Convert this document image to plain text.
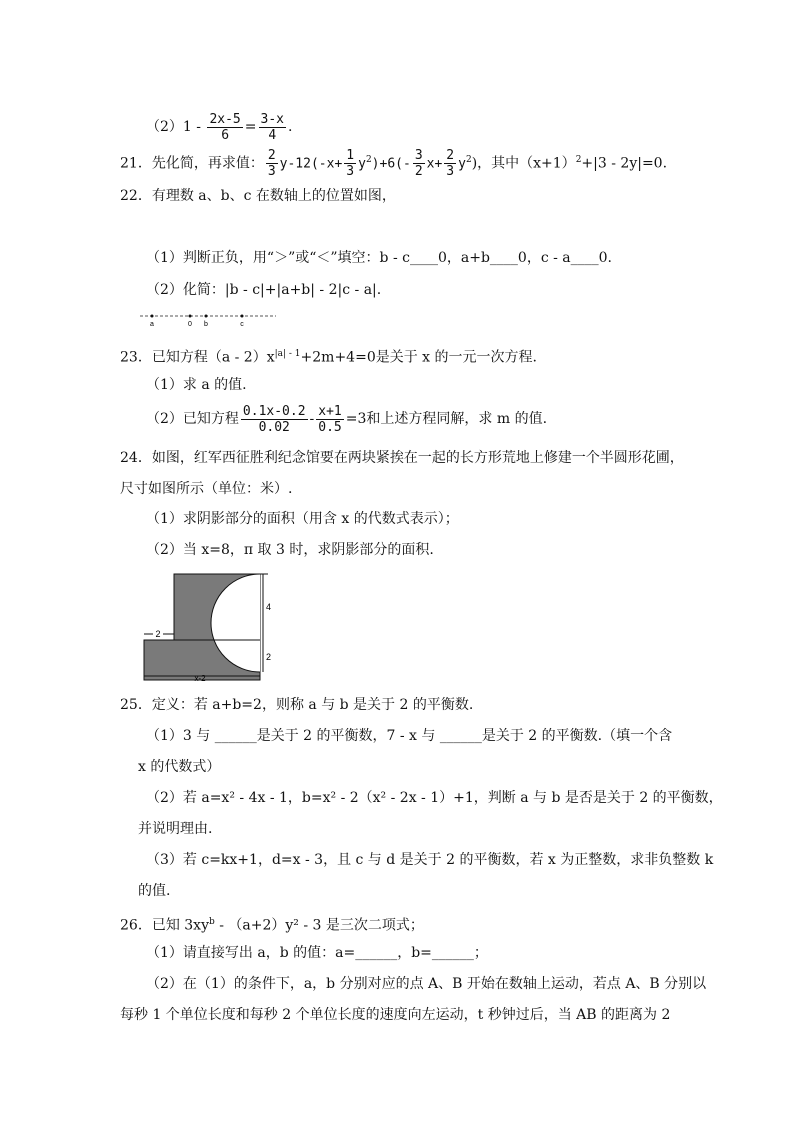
$(2)1 - \frac{2x-5}{6} = \frac{3-x}{4}$ .
21．先化简，再求值： $\frac{2}{3} y-12(-x+ \frac{1}{3} y^2)+6(- \frac{3}{2} x+ \frac{2}{3} y^2)$，其中$(x+1)^2+|3 - 2y|=0$.
22．有理数 a、b、c 在数轴上的位置如图，
（1）判断正负，用“＞”或“＜”填空：b - c____0，a+b____0，c - a____0.
（2）化简：|b - c|+|a+b| - 2|c - a|.
a	0 b	c
23．已知方程$(a - 2)x^{|a| - 1}+2m+4=0$是关于 x 的一元一次方程.
（1）求 a 的值.
（2）已知方程 $\frac{0.1x-0.2}{0.02} - \frac{x+1}{0.5} =3$和上述方程同解，求 m 的值.
24．如图，红军西征胜利纪念馆要在两块紧挨在一起的长方形荒地上修建一个半圆形花圃，
尺寸如图所示（单位：米）.
（1）求阴影部分的面积（用含 x 的代数式表示）；
（2）当 x=8，π 取 3 时，求阴影部分的面积.
4
2
2
x-2
25．定义：若 a+b=2，则称 a 与 b 是关于 2 的平衡数.
（1）3 与 ______是关于 2 的平衡数，7 - x 与 ______是关于 2 的平衡数.（填一个含
x 的代数式）
（2）若 a=x² - 4x - 1，b=x² - 2（x² - 2x - 1）+1，判断 a 与 b 是否是关于 2 的平衡数，
并说明理由.
（3）若 c=kx+1，d=x - 3，且 c 与 d 是关于 2 的平衡数，若 x 为正整数，求非负整数 k
的值.
26．已知 $3xy^b - (a+2)y^2 - 3$ 是三次二项式；
（1）请直接写出 a，b 的值：a=______，b=______；
（2）在（1）的条件下，a，b 分别对应的点 A、B 开始在数轴上运动，若点 A、B 分别以
每秒 1 个单位长度和每秒 2 个单位长度的速度向左运动，t 秒钟过后，当 AB 的距离为 2
